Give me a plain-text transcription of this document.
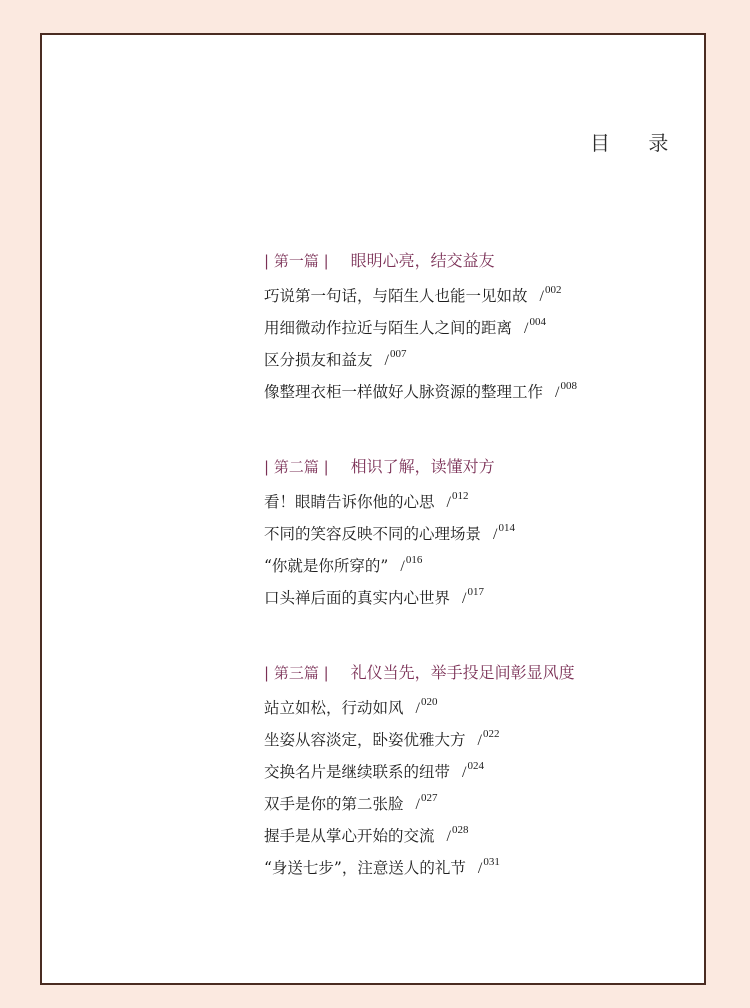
目 录
| 第一篇 | 眼明心亮，结交益友
巧说第一句话，与陌生人也能一见如故 / 002
用细微动作拉近与陌生人之间的距离 / 004
区分损友和益友 / 007
像整理衣柜一样做好人脉资源的整理工作 / 008
| 第二篇 | 相识了解，读懂对方
看！眼睛告诉你他的心思 / 012
不同的笑容反映不同的心理场景 / 014
“你就是你所穿的” / 016
口头禅后面的真实内心世界 / 017
| 第三篇 | 礼仪当先，举手投足间彰显风度
站立如松，行动如风 / 020
坐姿从容淡定，卧姿优雅大方 / 022
交换名片是继续联系的纽带 / 024
双手是你的第二张脸 / 027
握手是从掌心开始的交流 / 028
“身送七步”，注意送人的礼节 / 031
